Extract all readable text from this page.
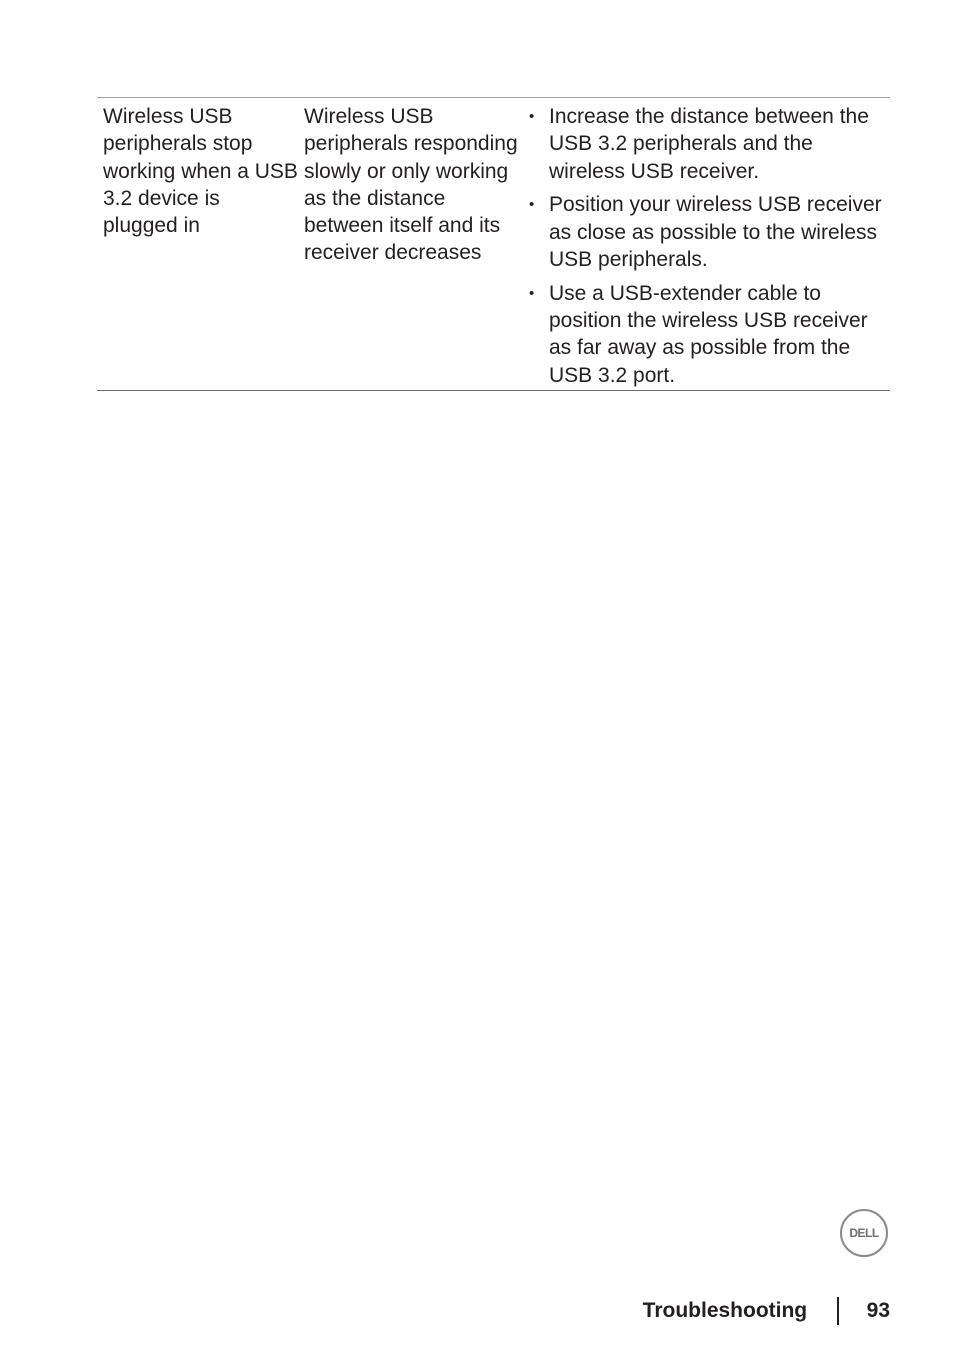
Wireless USB peripherals stop working when a USB 3.2 device is plugged in
Wireless USB peripherals responding slowly or only working as the distance between itself and its receiver decreases
• Increase the distance between the USB 3.2 peripherals and the wireless USB receiver.
• Position your wireless USB receiver as close as possible to the wireless USB peripherals.
• Use a USB-extender cable to position the wireless USB receiver as far away as possible from the USB 3.2 port.
DELL
Troubleshooting	93
